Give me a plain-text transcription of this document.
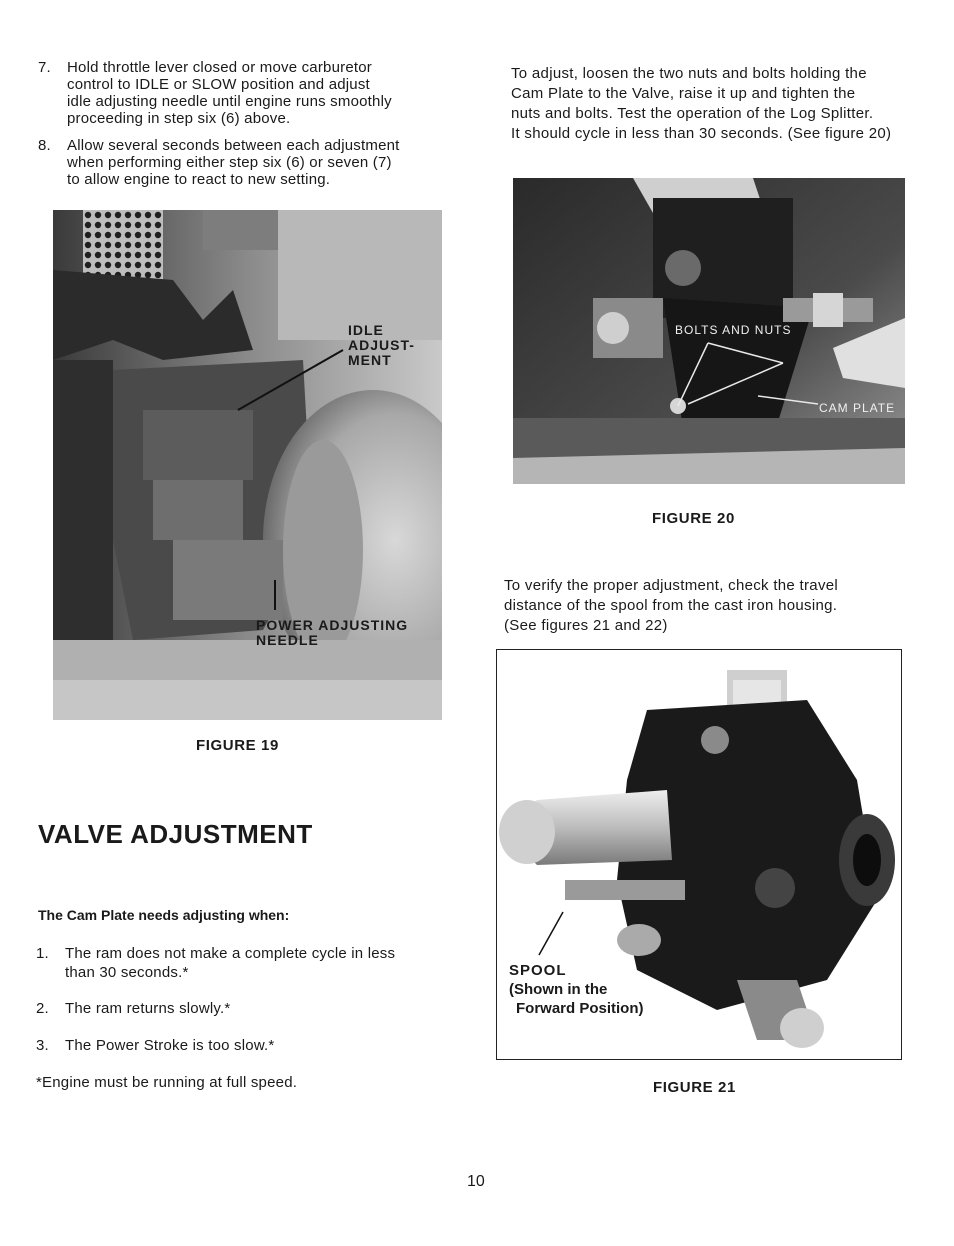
7. Hold throttle lever closed or move carburetor
control to IDLE or SLOW position and adjust
idle adjusting needle until engine runs smoothly
proceeding in step six (6) above.
8. Allow several seconds between each adjustment
when performing either step six (6) or seven (7)
to allow engine to react to new setting.
IDLE
ADJUST-
MENT
POWER ADJUSTING
NEEDLE
FIGURE 19
VALVE ADJUSTMENT
The Cam Plate needs adjusting when:
1. The ram does not make a complete cycle in less
than 30 seconds.*
2. The ram returns slowly.*
3. The Power Stroke is too slow.*
*Engine must be running at full speed.
To adjust, loosen the two nuts and bolts holding the
Cam Plate to the Valve, raise it up and tighten the
nuts and bolts. Test the operation of the Log Splitter.
It should cycle in less than 30 seconds. (See figure 20)
BOLTS AND NUTS
CAM PLATE
FIGURE 20
To verify the proper adjustment, check the travel
distance of the spool from the cast iron housing.
(See figures 21 and 22)
SPOOL
(Shown in the
Forward Position)
FIGURE 21
10
